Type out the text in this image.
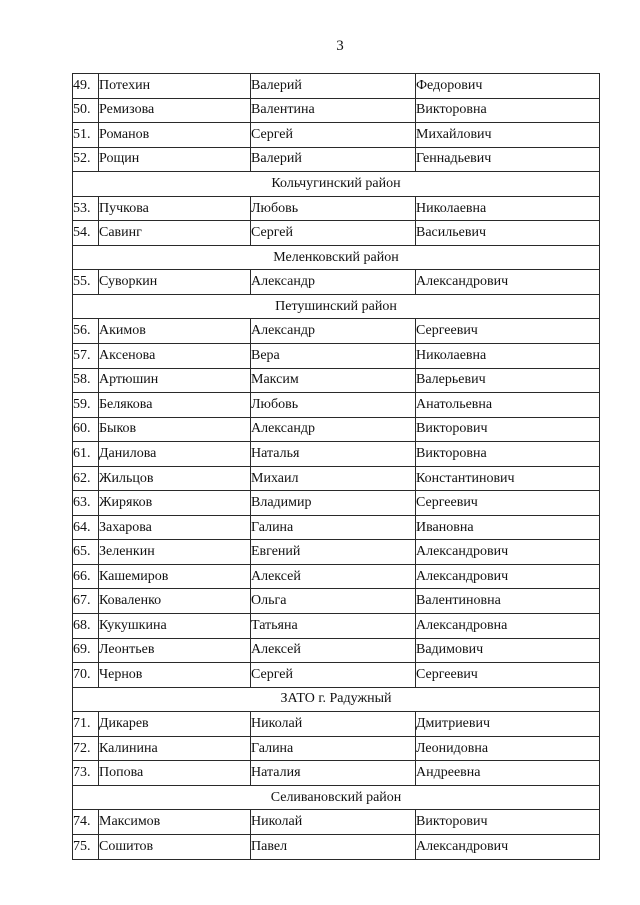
3
49.	Потехин	Валерий	Федорович
50.	Ремизова	Валентина	Викторовна
51.	Романов	Сергей	Михайлович
52.	Рощин	Валерий	Геннадьевич
Кольчугинский район			
53.	Пучкова	Любовь	Николаевна
54.	Савинг	Сергей	Васильевич
Меленковский район			
55.	Суворкин	Александр	Александрович
Петушинский район			
56.	Акимов	Александр	Сергеевич
57.	Аксенова	Вера	Николаевна
58.	Артюшин	Максим	Валерьевич
59.	Белякова	Любовь	Анатольевна
60.	Быков	Александр	Викторович
61.	Данилова	Наталья	Викторовна
62.	Жильцов	Михаил	Константинович
63.	Жиряков	Владимир	Сергеевич
64.	Захарова	Галина	Ивановна
65.	Зеленкин	Евгений	Александрович
66.	Кашемиров	Алексей	Александрович
67.	Коваленко	Ольга	Валентиновна
68.	Кукушкина	Татьяна	Александровна
69.	Леонтьев	Алексей	Вадимович
70.	Чернов	Сергей	Сергеевич
ЗАТО г. Радужный			
71.	Дикарев	Николай	Дмитриевич
72.	Калинина	Галина	Леонидовна
73.	Попова	Наталия	Андреевна
Селивановский район			
74.	Максимов	Николай	Викторович
75.	Сошитов	Павел	Александрович
